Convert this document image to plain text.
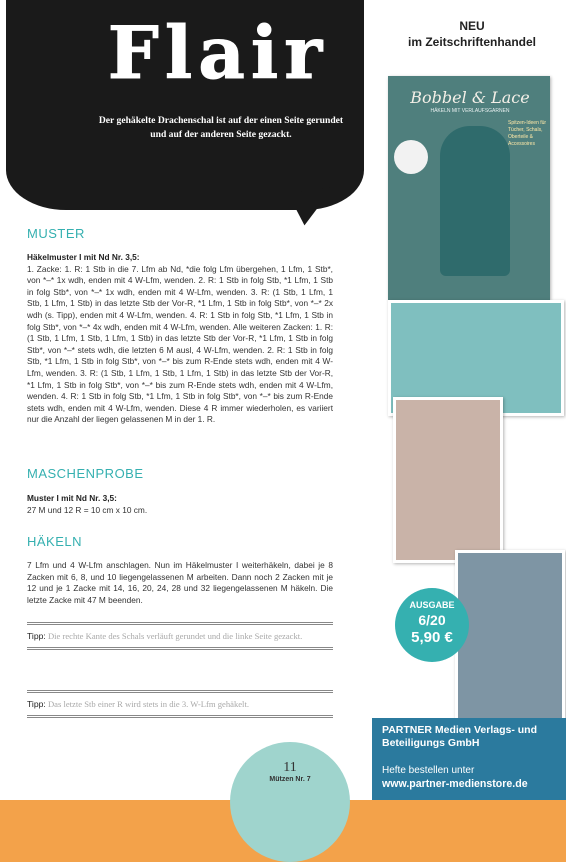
Flair
Der gehäkelte Drachenschal ist auf der einen Seite gerundet und auf der anderen Seite gezackt.
MUSTER
Häkelmuster I mit Nd Nr. 3,5:
1. Zacke: 1. R: 1 Stb in die 7. Lfm ab Nd, *die folg Lfm übergehen, 1 Lfm, 1 Stb*, von *–* 1x wdh, enden mit 4 W-Lfm, wenden. 2. R: 1 Stb in folg Stb, *1 Lfm, 1 Stb in folg Stb*, von *–* 1x wdh, enden mit 4 W-Lfm, wenden. 3. R: (1 Stb, 1 Lfm, 1 Stb, 1 Lfm, 1 Stb) in das letzte Stb der Vor-R, *1 Lfm, 1 Stb in folg Stb*, von *–* 2x wdh (s. Tipp), enden mit 4 W-Lfm, wenden. 4. R: 1 Stb in folg Stb, *1 Lfm, 1 Stb in folg Stb*, von *–* 4x wdh, enden mit 4 W-Lfm, wenden. Alle weiteren Zacken: 1. R: (1 Stb, 1 Lfm, 1 Stb, 1 Lfm, 1 Stb) in das letzte Stb der Vor-R, *1 Lfm, 1 Stb in folg Stb*, von *–* stets wdh, die letzten 6 M ausl, 4 W-Lfm, wenden. 2. R: 1 Stb in folg Stb, *1 Lfm, 1 Stb in folg Stb*, von *–* bis zum R-Ende stets wdh, enden mit 4 W-Lfm, wenden. 3. R: (1 Stb, 1 Lfm, 1 Stb, 1 Lfm, 1 Stb) in das letzte Stb der Vor-R, *1 Lfm, 1 Stb in folg Stb*, von *–* bis zum R-Ende stets wdh, enden mit 4 W-Lfm, wenden. 4. R: 1 Stb in folg Stb, *1 Lfm, 1 Stb in folg Stb*, von *–* bis zum R-Ende stets wdh, enden mit 4 W-Lfm, wenden. Diese 4 R immer wiederholen, es variiert nur die Anzahl der liegen gelassenen M in der 1. R.
MASCHENPROBE
Muster I mit Nd Nr. 3,5:
27 M und 12 R = 10 cm x 10 cm.
HÄKELN
7 Lfm und 4 W-Lfm anschlagen. Nun im Häkelmuster I weiterhäkeln, dabei je 8 Zacken mit 6, 8, und 10 liegengelassenen M arbeiten. Dann noch 2 Zacken mit je 12 und je 1 Zacke mit 14, 16, 20, 24, 28 und 32 liegengelassenen M häkeln. Die letzte Zacke mit 47 M beenden.
Tipp: Die rechte Kante des Schals verläuft gerundet und die linke Seite gezackt.
Tipp: Das letzte Stb einer R wird stets in die 3. W-Lfm gehäkelt.
11
Mützen Nr. 7
NEU
im Zeitschriftenhandel
Bobbel & Lace
HÄKELN MIT VERLAUFSGARNEN
Spitzen-Ideen für Tücher, Schals, Oberteile & Accessoires
AUSGABE
6/20
5,90 €
PARTNER Medien Verlags- und Beteiligungs GmbH
Hefte bestellen unter
www.partner-medienstore.de
